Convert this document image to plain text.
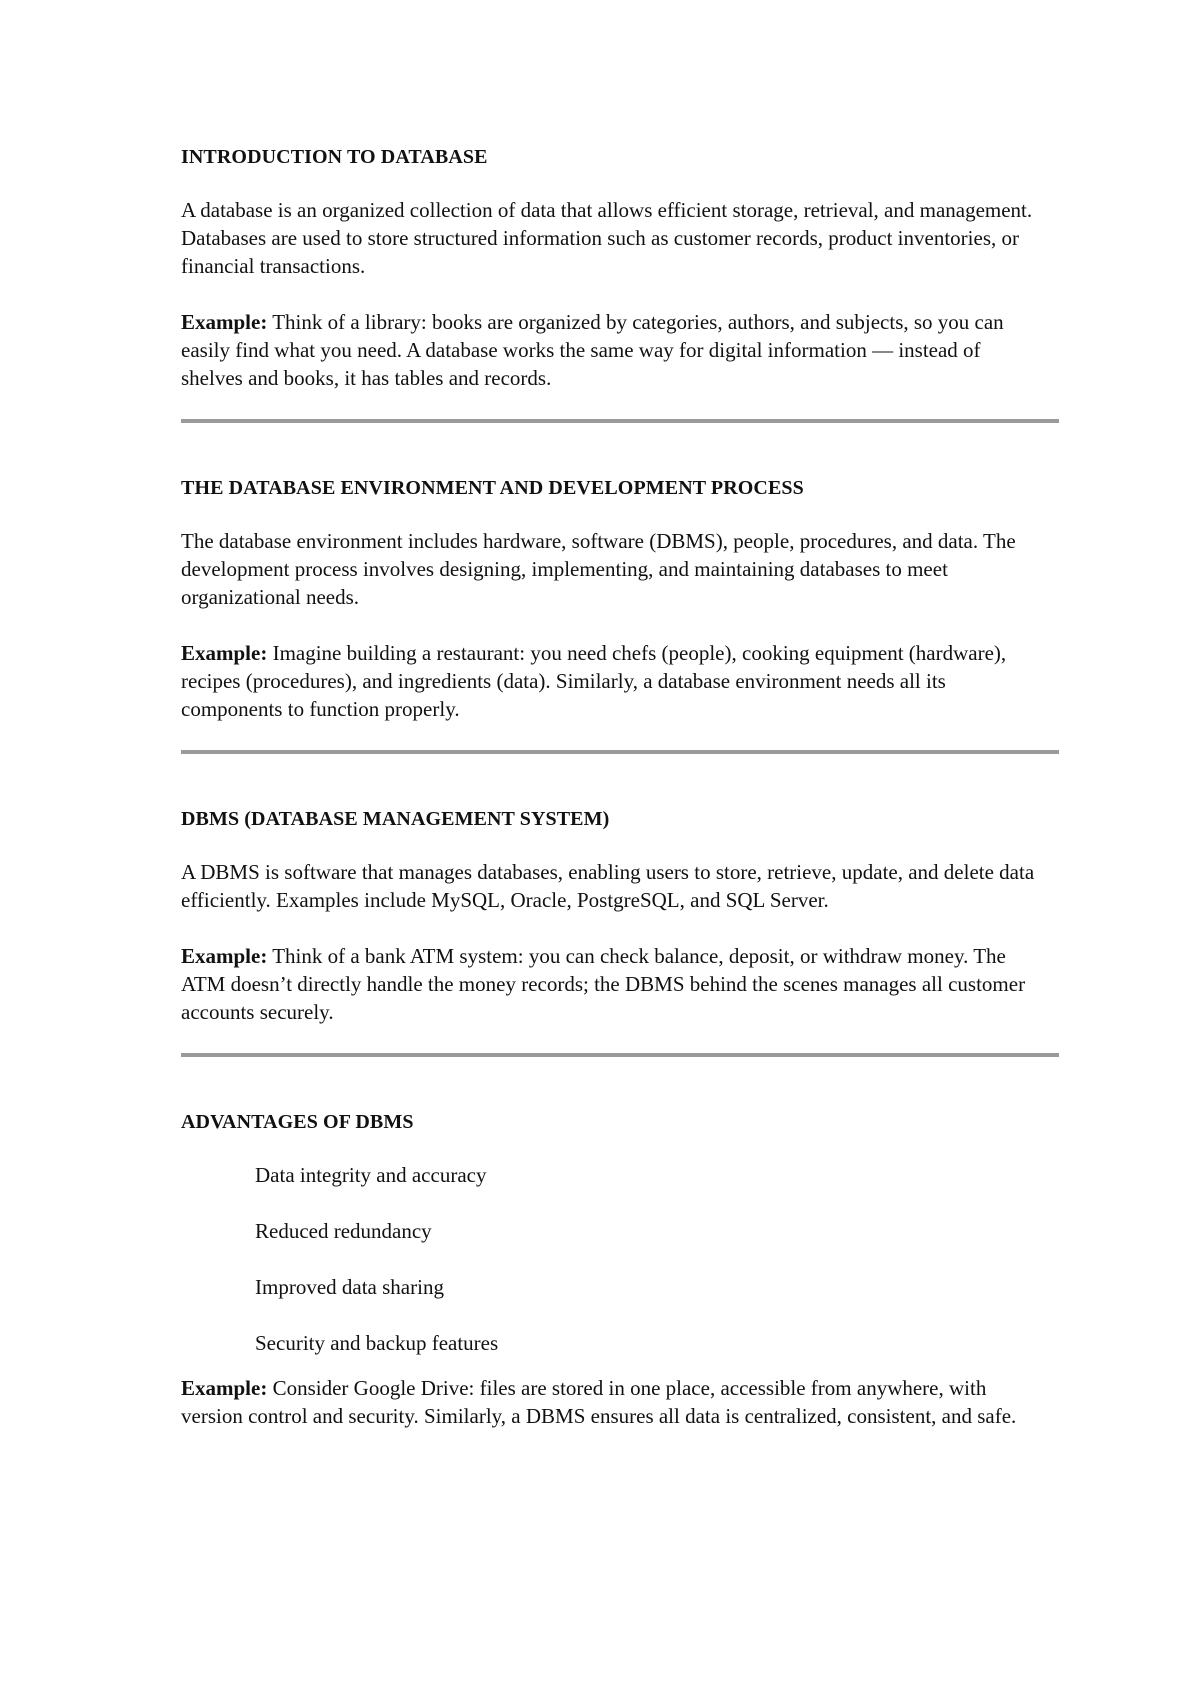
INTRODUCTION TO DATABASE

A database is an organized collection of data that allows efficient storage, retrieval, and management. Databases are used to store structured information such as customer records, product inventories, or financial transactions.

Example: Think of a library: books are organized by categories, authors, and subjects, so you can easily find what you need. A database works the same way for digital information — instead of shelves and books, it has tables and records.

THE DATABASE ENVIRONMENT AND DEVELOPMENT PROCESS

The database environment includes hardware, software (DBMS), people, procedures, and data. The development process involves designing, implementing, and maintaining databases to meet organizational needs.

Example: Imagine building a restaurant: you need chefs (people), cooking equipment (hardware), recipes (procedures), and ingredients (data). Similarly, a database environment needs all its components to function properly.

DBMS (DATABASE MANAGEMENT SYSTEM)

A DBMS is software that manages databases, enabling users to store, retrieve, update, and delete data efficiently. Examples include MySQL, Oracle, PostgreSQL, and SQL Server.

Example: Think of a bank ATM system: you can check balance, deposit, or withdraw money. The ATM doesn’t directly handle the money records; the DBMS behind the scenes manages all customer accounts securely.

ADVANTAGES OF DBMS
Data integrity and accuracy
Reduced redundancy
Improved data sharing
Security and backup features

Example: Consider Google Drive: files are stored in one place, accessible from anywhere, with version control and security. Similarly, a DBMS ensures all data is centralized, consistent, and safe.
